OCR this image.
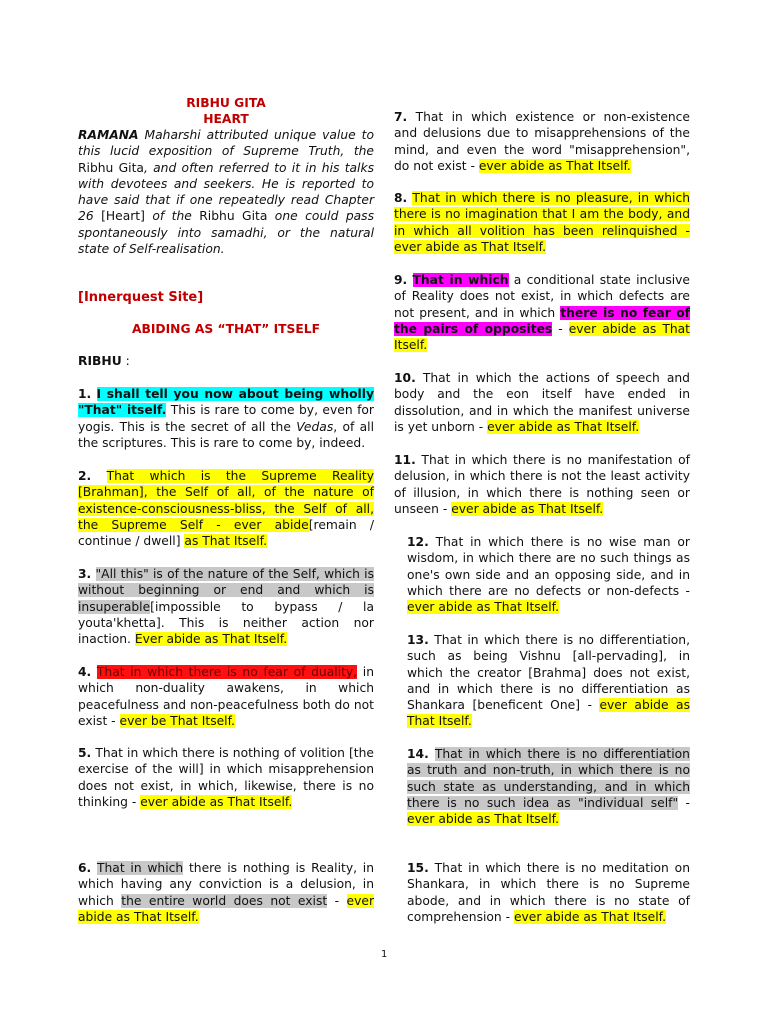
RIBHU GITA
HEART

RAMANA Maharshi attributed unique value to this lucid exposition of Supreme Truth, the Ribhu Gita, and often referred to it in his talks with devotees and seekers. He is reported to have said that if one repeatedly read Chapter 26 [Heart] of the Ribhu Gita one could pass spontaneously into samadhi, or the natural state of Self-realisation.

[Innerquest Site]

ABIDING AS “THAT” ITSELF

RIBHU :

1. I shall tell you now about being wholly "That" itself. This is rare to come by, even for yogis. This is the secret of all the Vedas, of all the scriptures. This is rare to come by, indeed.

2. That which is the Supreme Reality [Brahman], the Self of all, of the nature of existence-consciousness-bliss, the Self of all, the Supreme Self - ever abide[remain / continue / dwell] as That Itself.

3. "All this" is of the nature of the Self, which is without beginning or end and which is insuperable[impossible to bypass / la youta'khetta]. This is neither action nor inaction. Ever abide as That Itself.

4. That in which there is no fear of duality, in which non-duality awakens, in which peacefulness and non-peacefulness both do not exist - ever be That Itself.

5. That in which there is nothing of volition [the exercise of the will] in which misapprehension does not exist, in which, likewise, there is no thinking - ever abide as That Itself.

6. That in which there is nothing is Reality, in which having any conviction is a delusion, in which the entire world does not exist - ever abide as That Itself.

7. That in which existence or non-existence and delusions due to misapprehensions of the mind, and even the word "misapprehension", do not exist - ever abide as That Itself.

8. That in which there is no pleasure, in which there is no imagination that I am the body, and in which all volition has been relinquished - ever abide as That Itself.

9. That in which a conditional state inclusive of Reality does not exist, in which defects are not present, and in which there is no fear of the pairs of opposites - ever abide as That Itself.

10. That in which the actions of speech and body and the eon itself have ended in dissolution, and in which the manifest universe is yet unborn - ever abide as That Itself.

11. That in which there is no manifestation of delusion, in which there is not the least activity of illusion, in which there is nothing seen or unseen - ever abide as That Itself.

12. That in which there is no wise man or wisdom, in which there are no such things as one's own side and an opposing side, and in which there are no defects or non-defects - ever abide as That Itself.

13. That in which there is no differentiation, such as being Vishnu [all-pervading], in which the creator [Brahma] does not exist, and in which there is no differentiation as Shankara [beneficent One] - ever abide as That Itself.

14. That in which there is no differentiation as truth and non-truth, in which there is no such state as understanding, and in which there is no such idea as "individual self" - ever abide as That Itself.

15. That in which there is no meditation on Shankara, in which there is no Supreme abode, and in which there is no state of comprehension - ever abide as That Itself.

1
